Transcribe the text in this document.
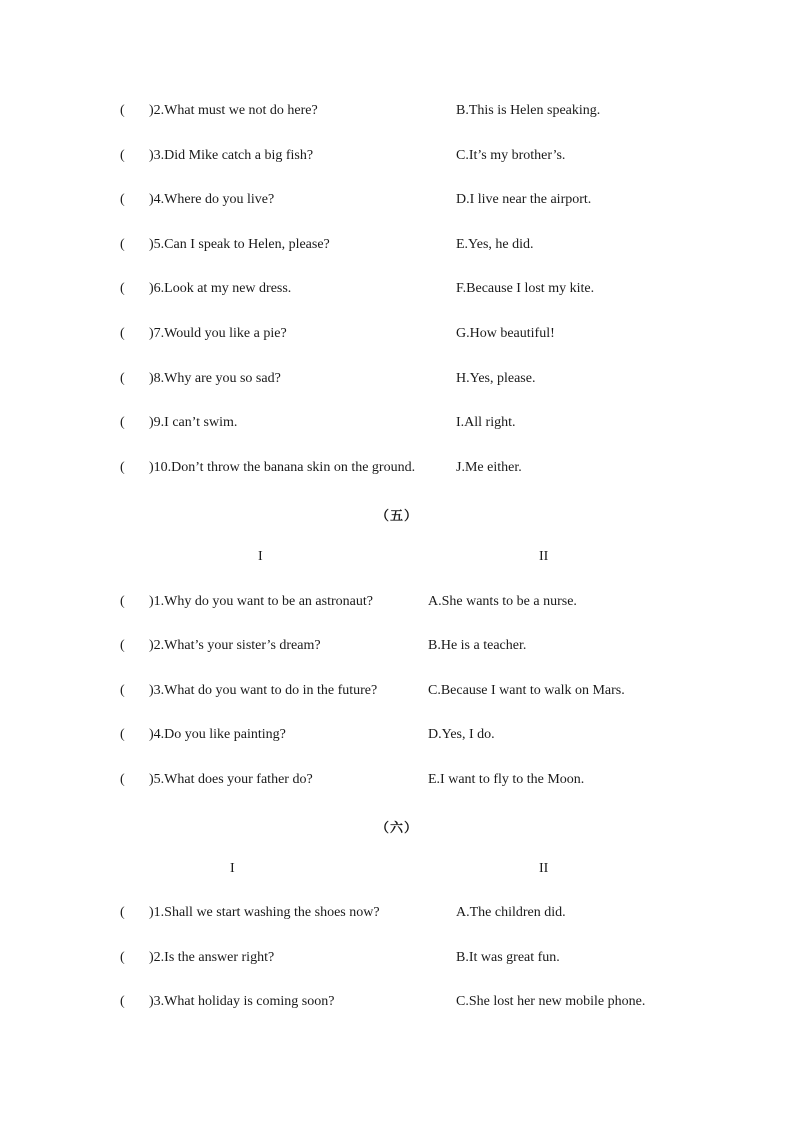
( )2.What must we not do here?	B.This is Helen speaking.
( )3.Did Mike catch a big fish?	C.It’s my brother’s.
( )4.Where do you live?	D.I live near the airport.
( )5.Can I speak to Helen, please?	E.Yes, he did.
( )6.Look at my new dress.	F.Because I lost my kite.
( )7.Would you like a pie?	G.How beautiful!
( )8.Why are you so sad?	H.Yes, please.
( )9.I can’t swim.	I.All right.
( )10.Don’t throw the banana skin on the ground.	J.Me either.
（五）
I	II
( )1.Why do you want to be an astronaut?	A.She wants to be a nurse.
( )2.What’s your sister’s dream?	B.He is a teacher.
( )3.What do you want to do in the future?	C.Because I want to walk on Mars.
( )4.Do you like painting?	D.Yes, I do.
( )5.What does your father do?	E.I want to fly to the Moon.
（六）
I	II
( )1.Shall we start washing the shoes now?	A.The children did.
( )2.Is the answer right?	B.It was great fun.
( )3.What holiday is coming soon?	C.She lost her new mobile phone.
